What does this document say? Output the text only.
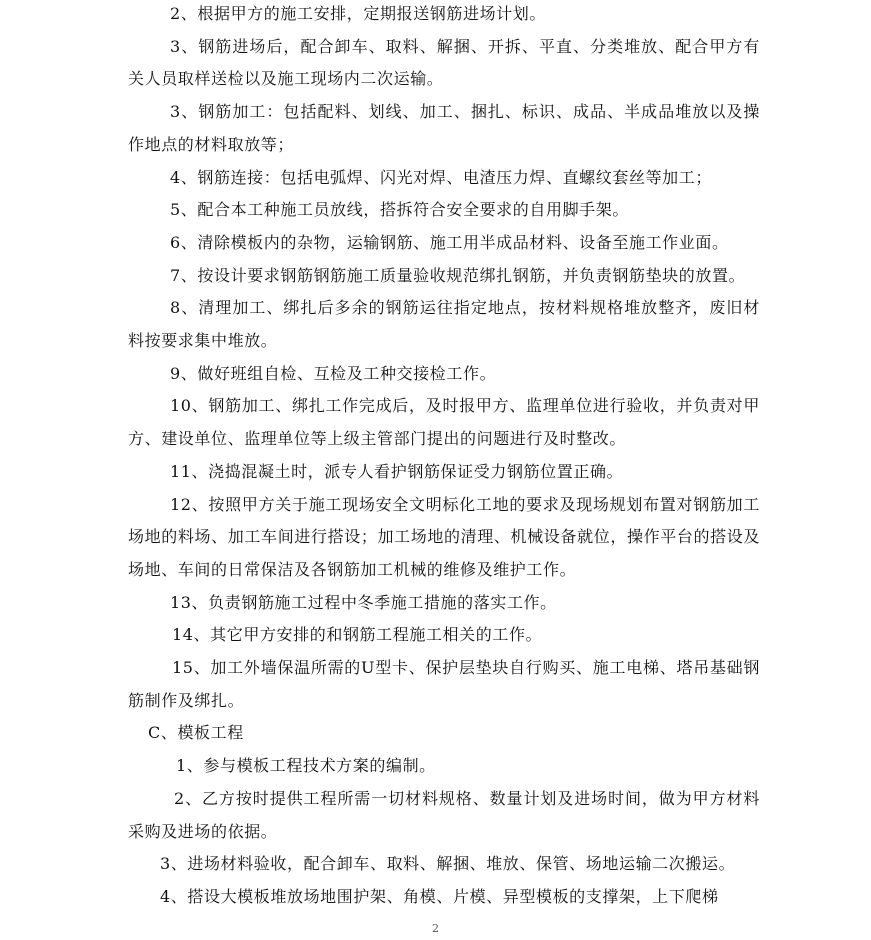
2、根据甲方的施工安排，定期报送钢筋进场计划。

3、钢筋进场后，配合卸车、取料、解捆、开拆、平直、分类堆放、配合甲方有关人员取样送检以及施工现场内二次运输。

3、钢筋加工：包括配料、划线、加工、捆扎、标识、成品、半成品堆放以及操作地点的材料取放等；

4、钢筋连接：包括电弧焊、闪光对焊、电渣压力焊、直螺纹套丝等加工；

5、配合本工种施工员放线，搭拆符合安全要求的自用脚手架。

6、清除模板内的杂物，运输钢筋、施工用半成品材料、设备至施工作业面。

7、按设计要求钢筋钢筋施工质量验收规范绑扎钢筋，并负责钢筋垫块的放置。

8、清理加工、绑扎后多余的钢筋运往指定地点，按材料规格堆放整齐，废旧材料按要求集中堆放。

9、做好班组自检、互检及工种交接检工作。

10、钢筋加工、绑扎工作完成后，及时报甲方、监理单位进行验收，并负责对甲方、建设单位、监理单位等上级主管部门提出的问题进行及时整改。

11、浇捣混凝土时，派专人看护钢筋保证受力钢筋位置正确。

12、按照甲方关于施工现场安全文明标化工地的要求及现场规划布置对钢筋加工场地的料场、加工车间进行搭设；加工场地的清理、机械设备就位，操作平台的搭设及场地、车间的日常保洁及各钢筋加工机械的维修及维护工作。

13、负责钢筋施工过程中冬季施工措施的落实工作。

14、其它甲方安排的和钢筋工程施工相关的工作。

15、加工外墙保温所需的U型卡、保护层垫块自行购买、施工电梯、塔吊基础钢筋制作及绑扎。

C、模板工程

1、参与模板工程技术方案的编制。

2、乙方按时提供工程所需一切材料规格、数量计划及进场时间，做为甲方材料采购及进场的依据。

3、进场材料验收，配合卸车、取料、解捆、堆放、保管、场地运输二次搬运。

4、搭设大模板堆放场地围护架、角模、片模、异型模板的支撑架，上下爬梯

2
